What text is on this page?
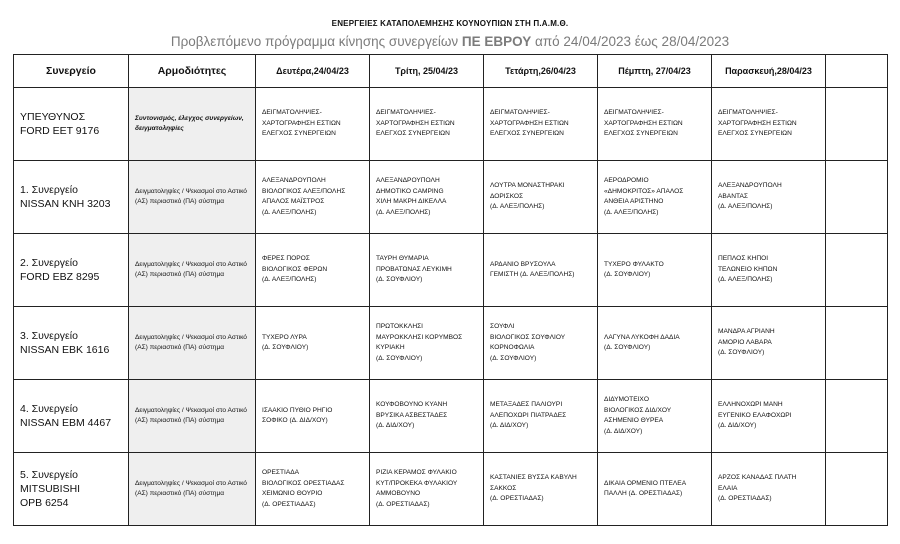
ΕΝΕΡΓΕΙΕΣ ΚΑΤΑΠΟΛΕΜΗΣΗΣ ΚΟΥΝΟΥΠΙΩΝ ΣΤΗ Π.Α.Μ.Θ.
Προβλεπόμενο πρόγραμμα κίνησης συνεργείων ΠΕ ΕΒΡΟΥ από 24/04/2023 έως 28/04/2023
Συνεργείο	Αρμοδιότητες	Δευτέρα,24/04/23	Τρίτη, 25/04/23	Τετάρτη,26/04/23	Πέμπτη, 27/04/23	Παρασκευή,28/04/23	
ΥΠΕΥΘΥΝΟΣ
FORD EET 9176	Συντονισμός, έλεγχος συνεργείων, δειγματοληψίες	ΔΕΙΓΜΑΤΟΛΗΨΙΕΣ-
ΧΑΡΤΟΓΡΑΦΗΣΗ ΕΣΤΙΩΝ
ΕΛΕΓΧΟΣ ΣΥΝΕΡΓΕΙΩΝ	ΔΕΙΓΜΑΤΟΛΗΨΙΕΣ-
ΧΑΡΤΟΓΡΑΦΗΣΗ ΕΣΤΙΩΝ
ΕΛΕΓΧΟΣ ΣΥΝΕΡΓΕΙΩΝ	ΔΕΙΓΜΑΤΟΛΗΨΙΕΣ-
ΧΑΡΤΟΓΡΑΦΗΣΗ ΕΣΤΙΩΝ
ΕΛΕΓΧΟΣ ΣΥΝΕΡΓΕΙΩΝ	ΔΕΙΓΜΑΤΟΛΗΨΙΕΣ-
ΧΑΡΤΟΓΡΑΦΗΣΗ ΕΣΤΙΩΝ
ΕΛΕΓΧΟΣ ΣΥΝΕΡΓΕΙΩΝ	ΔΕΙΓΜΑΤΟΛΗΨΙΕΣ-
ΧΑΡΤΟΓΡΑΦΗΣΗ ΕΣΤΙΩΝ
ΕΛΕΓΧΟΣ ΣΥΝΕΡΓΕΙΩΝ	
1. Συνεργείο
NISSAN KNH 3203	Δειγματοληψίες / Ψεκασμοί στο Αστικό (ΑΣ) περιαστικό (ΠΑ) σύστημα	ΑΛΕΞΑΝΔΡΟΥΠΟΛΗ
ΒΙΟΛΟΓΙΚΟΣ ΑΛΕΞ/ΠΟΛΗΣ
ΑΠΑΛΟΣ ΜΑΪΣΤΡΟΣ
(Δ. ΑΛΕΞ/ΠΟΛΗΣ)	ΑΛΕΞΑΝΔΡΟΥΠΟΛΗ
ΔΗΜΟΤΙΚΟ CAMPING
ΧΙΛΗ ΜΑΚΡΗ ΔΙΚΕΛΛΑ
(Δ. ΑΛΕΞ/ΠΟΛΗΣ)	ΛΟΥΤΡΑ ΜΟΝΑΣΤΗΡΑΚΙ
ΔΟΡΙΣΚΟΣ
(Δ. ΑΛΕΞ/ΠΟΛΗΣ)	ΑΕΡΟΔΡΟΜΙΟ
«ΔΗΜΟΚΡΙΤΟΣ» ΑΠΑΛΟΣ
ΑΝΘΕΙΑ ΑΡΙΣΤΗΝΟ
(Δ. ΑΛΕΞ/ΠΟΛΗΣ)	ΑΛΕΞΑΝΔΡΟΥΠΟΛΗ
ΑΒΑΝΤΑΣ
(Δ. ΑΛΕΞ/ΠΟΛΗΣ)	
2. Συνεργείο
FORD EBZ 8295	Δειγματοληψίες / Ψεκασμοί στο Αστικό (ΑΣ) περιαστικό (ΠΑ) σύστημα	ΦΕΡΕΣ ΠΟΡΟΣ
ΒΙΟΛΟΓΙΚΟΣ ΦΕΡΩΝ
(Δ. ΑΛΕΞ/ΠΟΛΗΣ)	ΤΑΥΡΗ ΘΥΜΑΡΙΑ
ΠΡΟΒΑΤΩΝΑΣ ΛΕΥΚΙΜΗ
(Δ. ΣΟΥΦΛΙΟΥ)	ΑΡΔΑΝΙΟ ΒΡΥΣΟΥΛΑ
ΓΕΜΙΣΤΗ (Δ. ΑΛΕΞ/ΠΟΛΗΣ)	ΤΥΧΕΡΟ ΦΥΛΑΚΤΟ
(Δ. ΣΟΥΦΛΙΟΥ)	ΠΕΠΛΟΣ ΚΗΠΟΙ
ΤΕΛΩΝΕΙΟ ΚΗΠΩΝ
(Δ. ΑΛΕΞ/ΠΟΛΗΣ)	
3. Συνεργείο
NISSAN EBK 1616	Δειγματοληψίες / Ψεκασμοί στο Αστικό (ΑΣ) περιαστικό (ΠΑ) σύστημα	ΤΥΧΕΡΟ ΛΥΡΑ
(Δ. ΣΟΥΦΛΙΟΥ)	ΠΡΩΤΟΚΚΛΗΣΙ
ΜΑΥΡΟΚΚΛΗΣΙ ΚΟΡΥΜΒΟΣ
ΚΥΡΙΑΚΗ
(Δ. ΣΟΥΦΛΙΟΥ)	ΣΟΥΦΛΙ
ΒΙΟΛΟΓΙΚΟΣ ΣΟΥΦΛΙΟΥ
ΚΟΡΝΟΦΩΛΙΑ
(Δ. ΣΟΥΦΛΙΟΥ)	ΛΑΓΥΝΑ ΛΥΚΟΦΗ ΔΑΔΙΑ
(Δ. ΣΟΥΦΛΙΟΥ)	ΜΑΝΔΡΑ ΑΓΡΙΑΝΗ
ΑΜΟΡΙΟ ΛΑΒΑΡΑ
(Δ. ΣΟΥΦΛΙΟΥ)	
4. Συνεργείο
NISSAN EBM 4467	Δειγματοληψίες / Ψεκασμοί στο Αστικό (ΑΣ) περιαστικό (ΠΑ) σύστημα	ΙΣΑΑΚΙΟ ΠΥΘΙΟ ΡΗΓΙΟ
ΣΟΦΙΚΟ (Δ. ΔΙΔ/ΧΟΥ)	ΚΟΥΦΟΒΟΥΝΟ ΚΥΑΝΗ
ΒΡΥΣΙΚΑ ΑΣΒΕΣΤΑΔΕΣ
(Δ. ΔΙΔ/ΧΟΥ)	ΜΕΤΑΞΑΔΕΣ ΠΑΛΙΟΥΡΙ
ΑΛΕΠΟΧΩΡΙ ΠΙΑΤΡΑΔΕΣ
(Δ. ΔΙΔ/ΧΟΥ)	ΔΙΔΥΜΟΤΕΙΧΟ
ΒΙΟΛΟΓΙΚΟΣ ΔΙΔ/ΧΟΥ
ΑΣΗΜΕΝΙΟ ΘΥΡΕΑ
(Δ. ΔΙΔ/ΧΟΥ)	ΕΛΛΗΝΟΧΩΡΙ ΜΑΝΗ
ΕΥΓΕΝΙΚΟ ΕΛΑΦΟΧΩΡΙ
(Δ. ΔΙΔ/ΧΟΥ)	
5. Συνεργείο
MITSUBISHI
OPB 6254	Δειγματοληψίες / Ψεκασμοί στο Αστικό (ΑΣ) περιαστικό (ΠΑ) σύστημα	ΟΡΕΣΤΙΑΔΑ
ΒΙΟΛΟΓΙΚΟΣ ΟΡΕΣΤΙΑΔΑΣ
ΧΕΙΜΩΝΙΟ ΘΟΥΡΙΟ
(Δ. ΟΡΕΣΤΙΑΔΑΣ)	ΡΙΖΙΑ ΚΕΡΑΜΟΣ ΦΥΛΑΚΙΟ
ΚΥΤ/ΠΡΟΚΕΚΑ ΦΥΛΑΚΙΟΥ
ΑΜΜΟΒΟΥΝΟ
(Δ. ΟΡΕΣΤΙΑΔΑΣ)	ΚΑΣΤΑΝΙΕΣ ΒΥΣΣΑ ΚΑΒΥΛΗ
ΣΑΚΚΟΣ
(Δ. ΟΡΕΣΤΙΑΔΑΣ)	ΔΙΚΑΙΑ ΟΡΜΕΝΙΟ ΠΤΕΛΕΑ
ΠΑΛΛΗ (Δ. ΟΡΕΣΤΙΑΔΑΣ)	ΑΡΖΟΣ ΚΑΝΑΔΑΣ ΠΛΑΤΗ
ΕΛΑΙΑ
(Δ. ΟΡΕΣΤΙΑΔΑΣ)	
